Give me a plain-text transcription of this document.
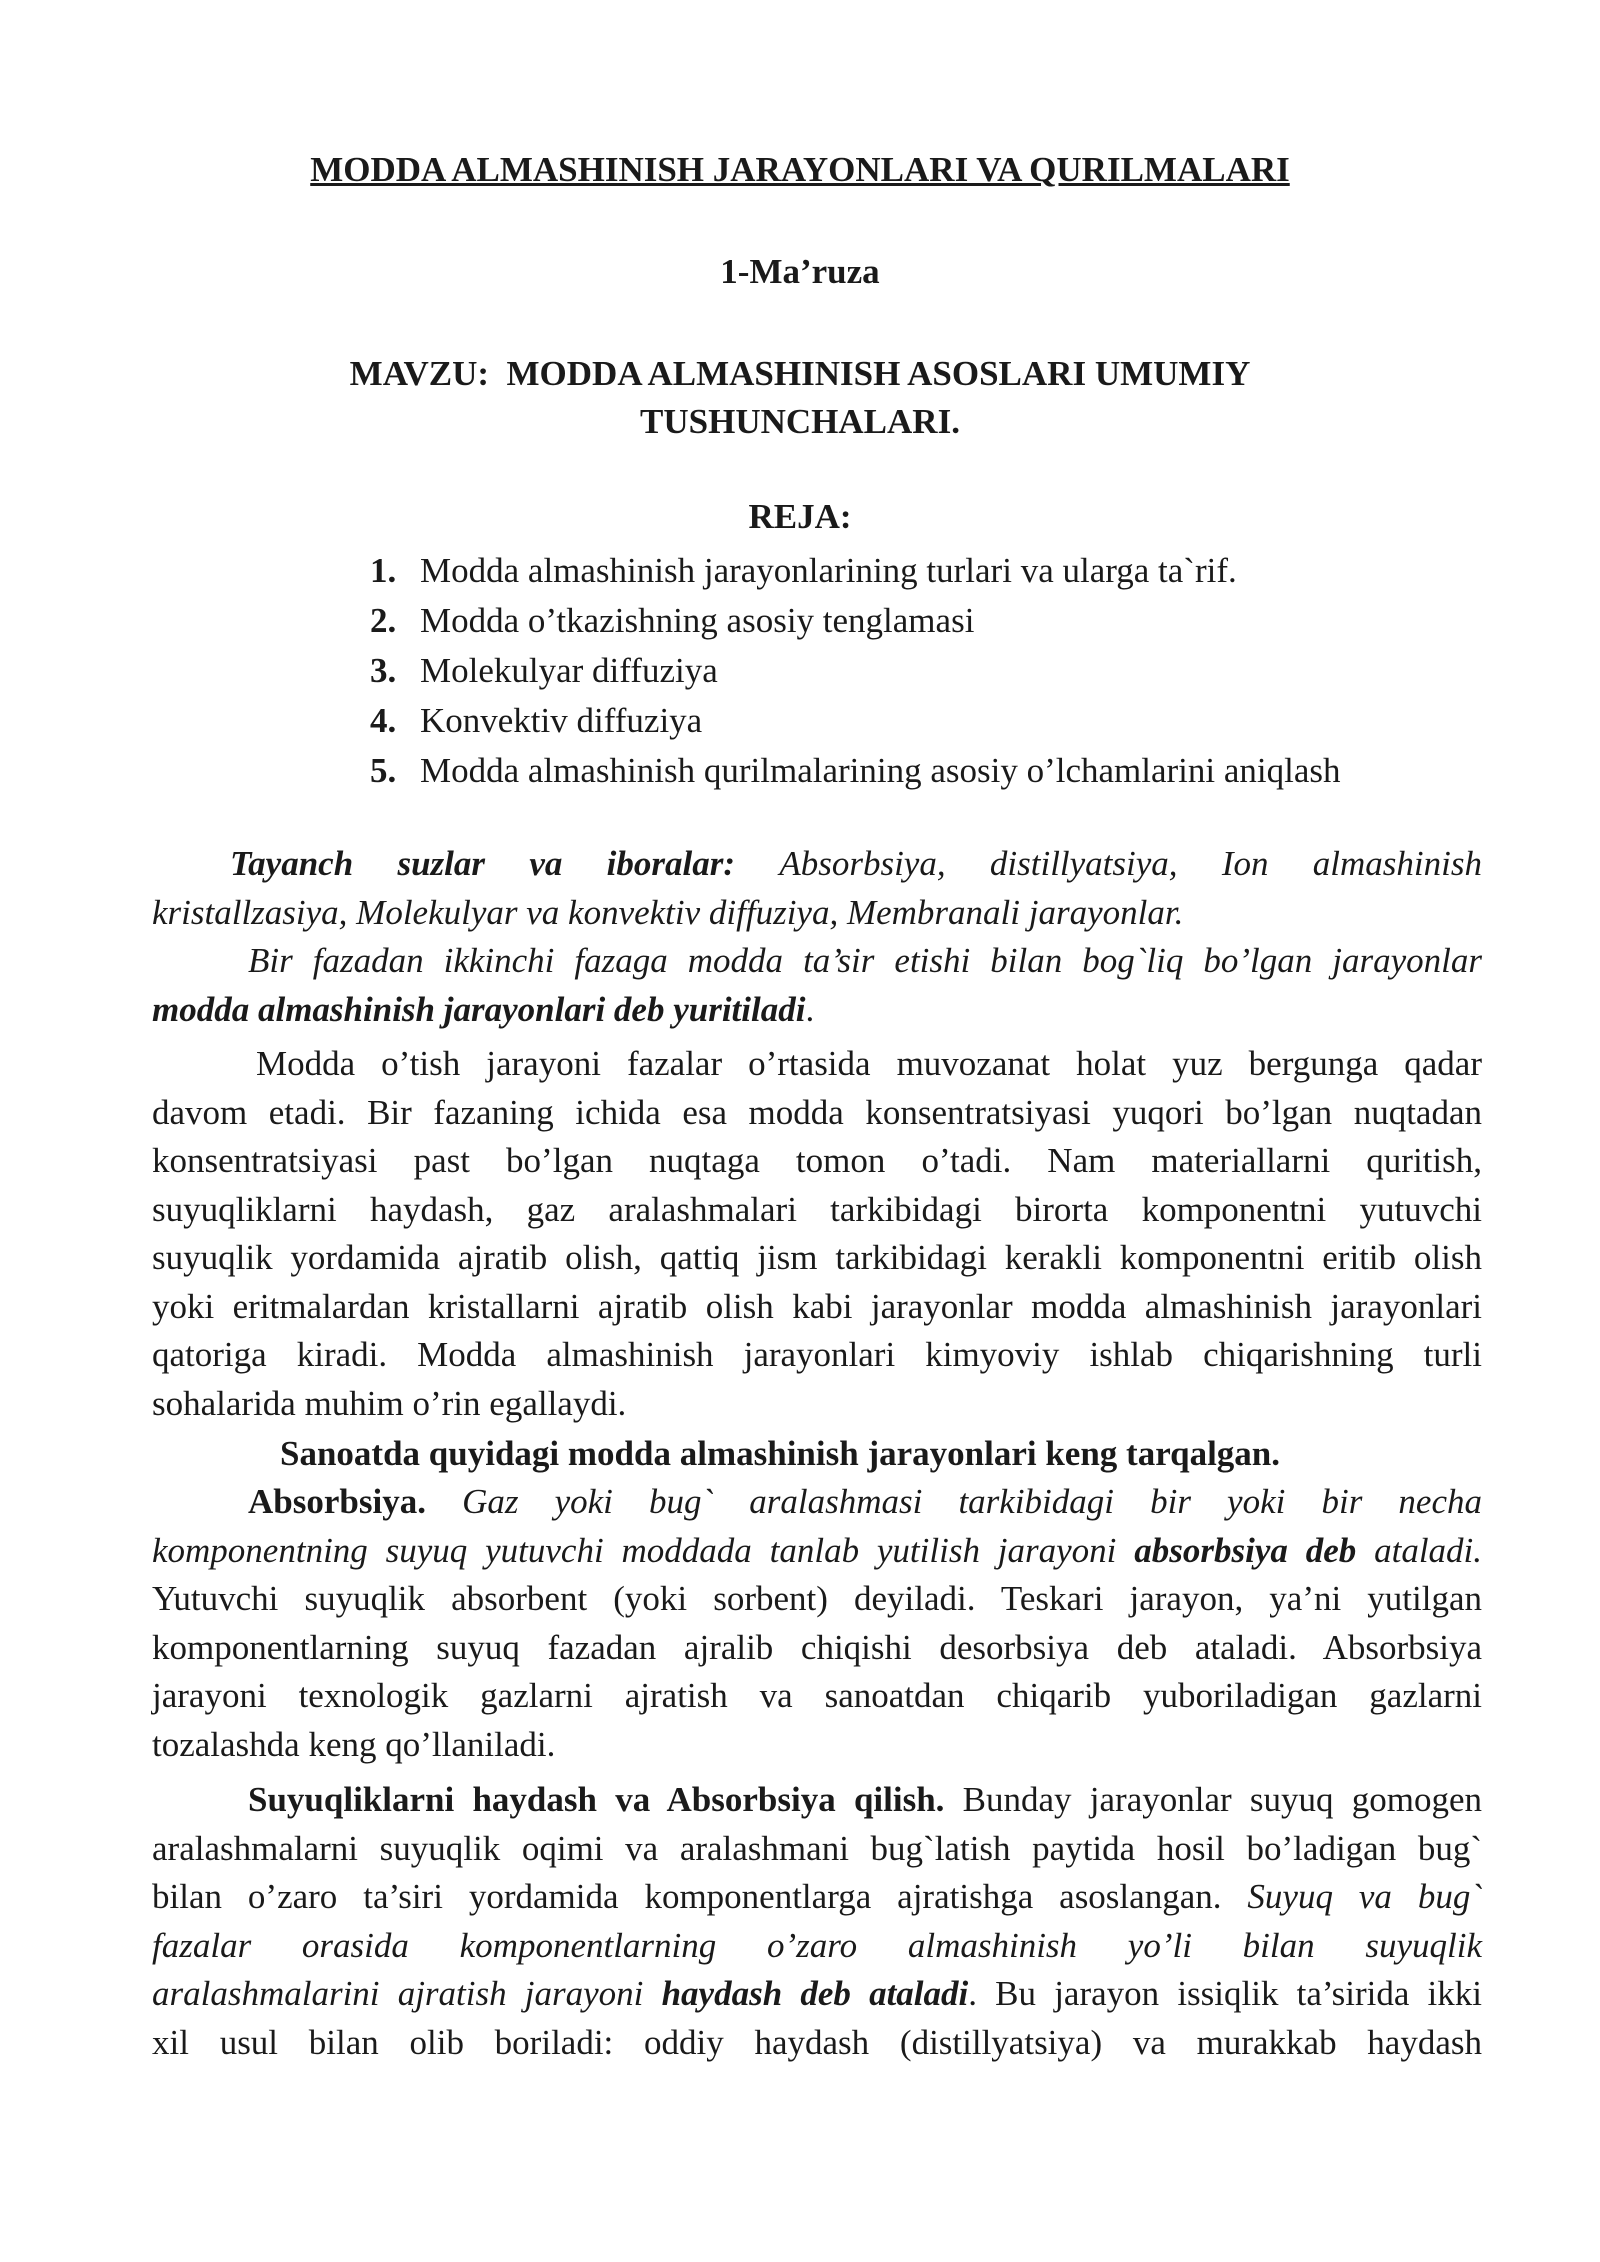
MODDA ALMASHINISH JARAYONLARI VA QURILMALARI
1-Ma’ruza
MAVZU:  MODDA ALMASHINISH ASOSLARI UMUMIY
TUSHUNCHALARI.
REJA:
1. Modda almashinish jarayonlarining turlari va ularga ta`rif.
2. Modda o’tkazishning asosiy tenglamasi
3. Molekulyar diffuziya
4. Konvektiv diffuziya
5. Modda almashinish qurilmalarining asosiy o’lchamlarini aniqlash
Tayanch suzlar va iboralar: Absorbsiya, distillyatsiya, Ion almashinish
kristallzasiya, Molekulyar va konvektiv diffuziya, Membranali jarayonlar.
Bir fazadan ikkinchi fazaga modda ta’sir etishi bilan bog`liq bo’lgan jarayonlar
modda almashinish jarayonlari deb yuritiladi.
Modda o’tish jarayoni fazalar o’rtasida muvozanat holat yuz bergunga qadar
davom etadi. Bir fazaning ichida esa modda konsentratsiyasi yuqori bo’lgan nuqtadan
konsentratsiyasi past bo’lgan nuqtaga tomon o’tadi. Nam materiallarni quritish,
suyuqliklarni haydash, gaz aralashmalari tarkibidagi birorta komponentni yutuvchi
suyuqlik yordamida ajratib olish, qattiq jism tarkibidagi kerakli komponentni eritib olish
yoki eritmalardan kristallarni ajratib olish kabi jarayonlar modda almashinish jarayonlari
qatoriga kiradi. Modda almashinish jarayonlari kimyoviy ishlab chiqarishning turli
sohalarida muhim o’rin egallaydi.
Sanoatda quyidagi modda almashinish jarayonlari keng tarqalgan.
Absorbsiya. Gaz yoki bug` aralashmasi tarkibidagi bir yoki bir necha
komponentning suyuq yutuvchi moddada tanlab yutilish jarayoni absorbsiya deb ataladi.
Yutuvchi suyuqlik absorbent (yoki sorbent) deyiladi. Teskari jarayon, ya’ni yutilgan
komponentlarning suyuq fazadan ajralib chiqishi desorbsiya deb ataladi. Absorbsiya
jarayoni texnologik gazlarni ajratish va sanoatdan chiqarib yuboriladigan gazlarni
tozalashda keng qo’llaniladi.
Suyuqliklarni haydash va Absorbsiya qilish. Bunday jarayonlar suyuq gomogen
aralashmalarni suyuqlik oqimi va aralashmani bug`latish paytida hosil bo’ladigan bug`
bilan o’zaro ta’siri yordamida komponentlarga ajratishga asoslangan. Suyuq va bug`
fazalar orasida komponentlarning o’zaro almashinish yo’li bilan suyuqlik
aralashmalarini ajratish jarayoni haydash deb ataladi. Bu jarayon issiqlik ta’sirida ikki
xil usul bilan olib boriladi: oddiy haydash (distillyatsiya) va murakkab haydash
